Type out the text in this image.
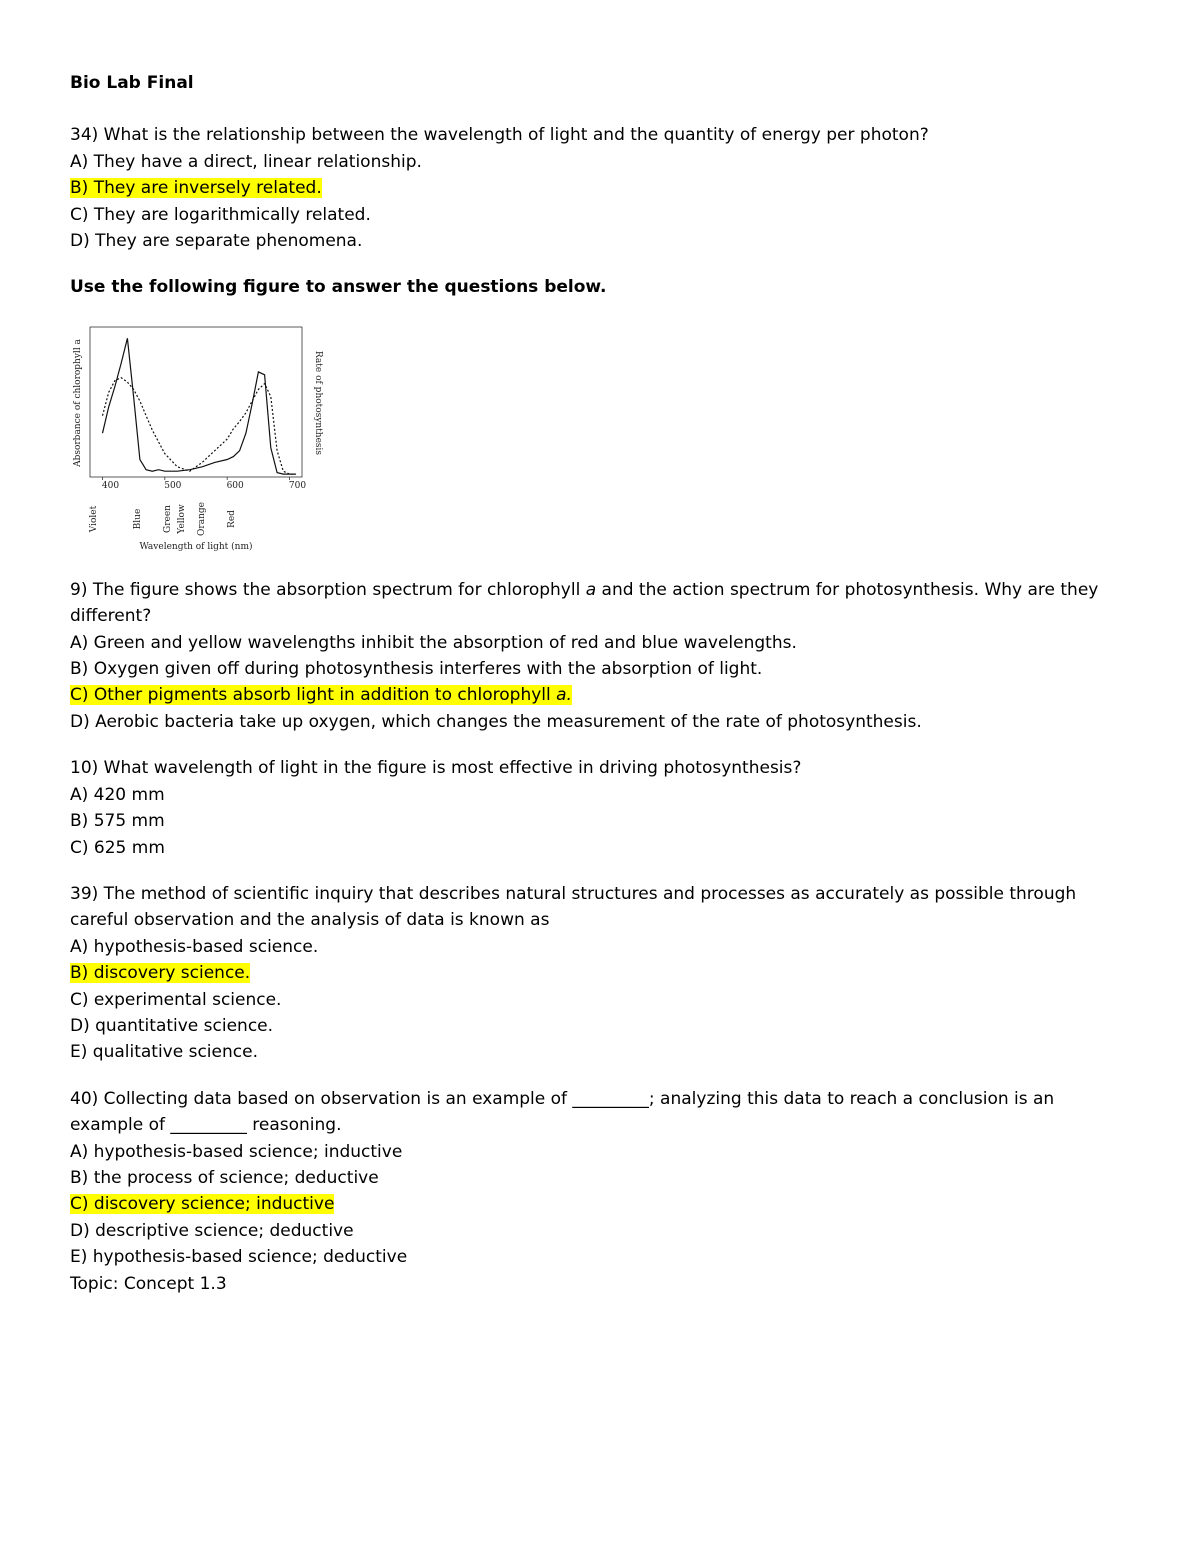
Bio Lab Final
34) What is the relationship between the wavelength of light and the quantity of energy per photon?
A) They have a direct, linear relationship.
B) They are inversely related.
C) They are logarithmically related.
D) They are separate phenomena.
Use the following figure to answer the questions below.
400	500	600	700
Violet	Blue Green Yellow Orange Red
Absorbance of chlorophyll a	Rate of photosynthesis
Wavelength of light (nm)
9) The figure shows the absorption spectrum for chlorophyll a and the action spectrum for photosynthesis. Why are they different?
A) Green and yellow wavelengths inhibit the absorption of red and blue wavelengths.
B) Oxygen given off during photosynthesis interferes with the absorption of light.
C) Other pigments absorb light in addition to chlorophyll a.
D) Aerobic bacteria take up oxygen, which changes the measurement of the rate of photosynthesis.
10) What wavelength of light in the figure is most effective in driving photosynthesis?
A) 420 mm
B) 575 mm
C) 625 mm
39) The method of scientific inquiry that describes natural structures and processes as accurately as possible through careful observation and the analysis of data is known as
A) hypothesis-based science.
B) discovery science.
C) experimental science.
D) quantitative science.
E) qualitative science.
40) Collecting data based on observation is an example of _________; analyzing this data to reach a conclusion is an example of _________ reasoning.
A) hypothesis-based science; inductive
B) the process of science; deductive
C) discovery science; inductive
D) descriptive science; deductive
E) hypothesis-based science; deductive
Topic: Concept 1.3
